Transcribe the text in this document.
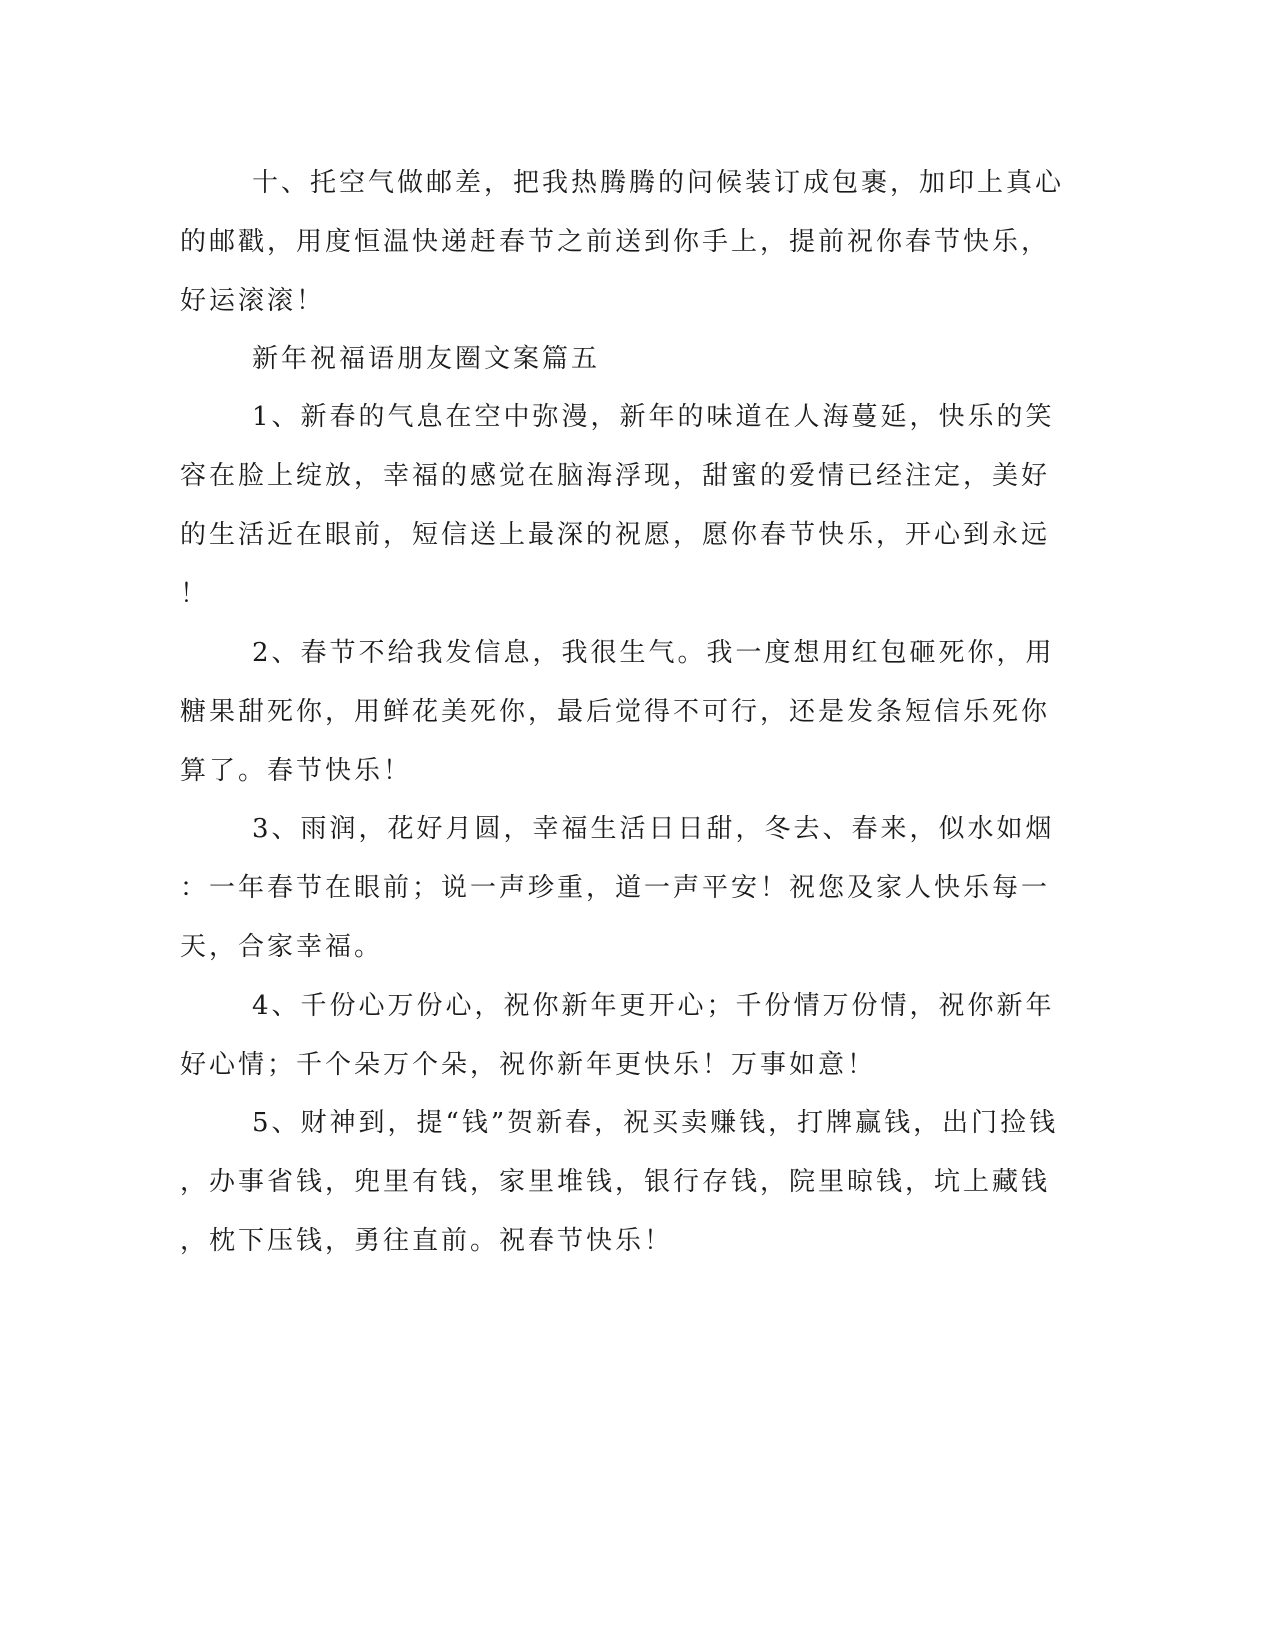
十、托空气做邮差，把我热腾腾的问候装订成包裹，加印上真心
的邮戳，用度恒温快递赶春节之前送到你手上，提前祝你春节快乐，
好运滚滚！
新年祝福语朋友圈文案篇五
1、新春的气息在空中弥漫，新年的味道在人海蔓延，快乐的笑
容在脸上绽放，幸福的感觉在脑海浮现，甜蜜的爱情已经注定，美好
的生活近在眼前，短信送上最深的祝愿，愿你春节快乐，开心到永远
！
2、春节不给我发信息，我很生气。我一度想用红包砸死你，用
糖果甜死你，用鲜花美死你，最后觉得不可行，还是发条短信乐死你
算了。春节快乐！
3、雨润，花好月圆，幸福生活日日甜，冬去、春来，似水如烟
：一年春节在眼前；说一声珍重，道一声平安！祝您及家人快乐每一
天，合家幸福。
4、千份心万份心，祝你新年更开心；千份情万份情，祝你新年
好心情；千个朵万个朵，祝你新年更快乐！万事如意！
5、财神到，提“钱”贺新春，祝买卖赚钱，打牌赢钱，出门捡钱
，办事省钱，兜里有钱，家里堆钱，银行存钱，院里晾钱，坑上藏钱
，枕下压钱，勇往直前。祝春节快乐！
